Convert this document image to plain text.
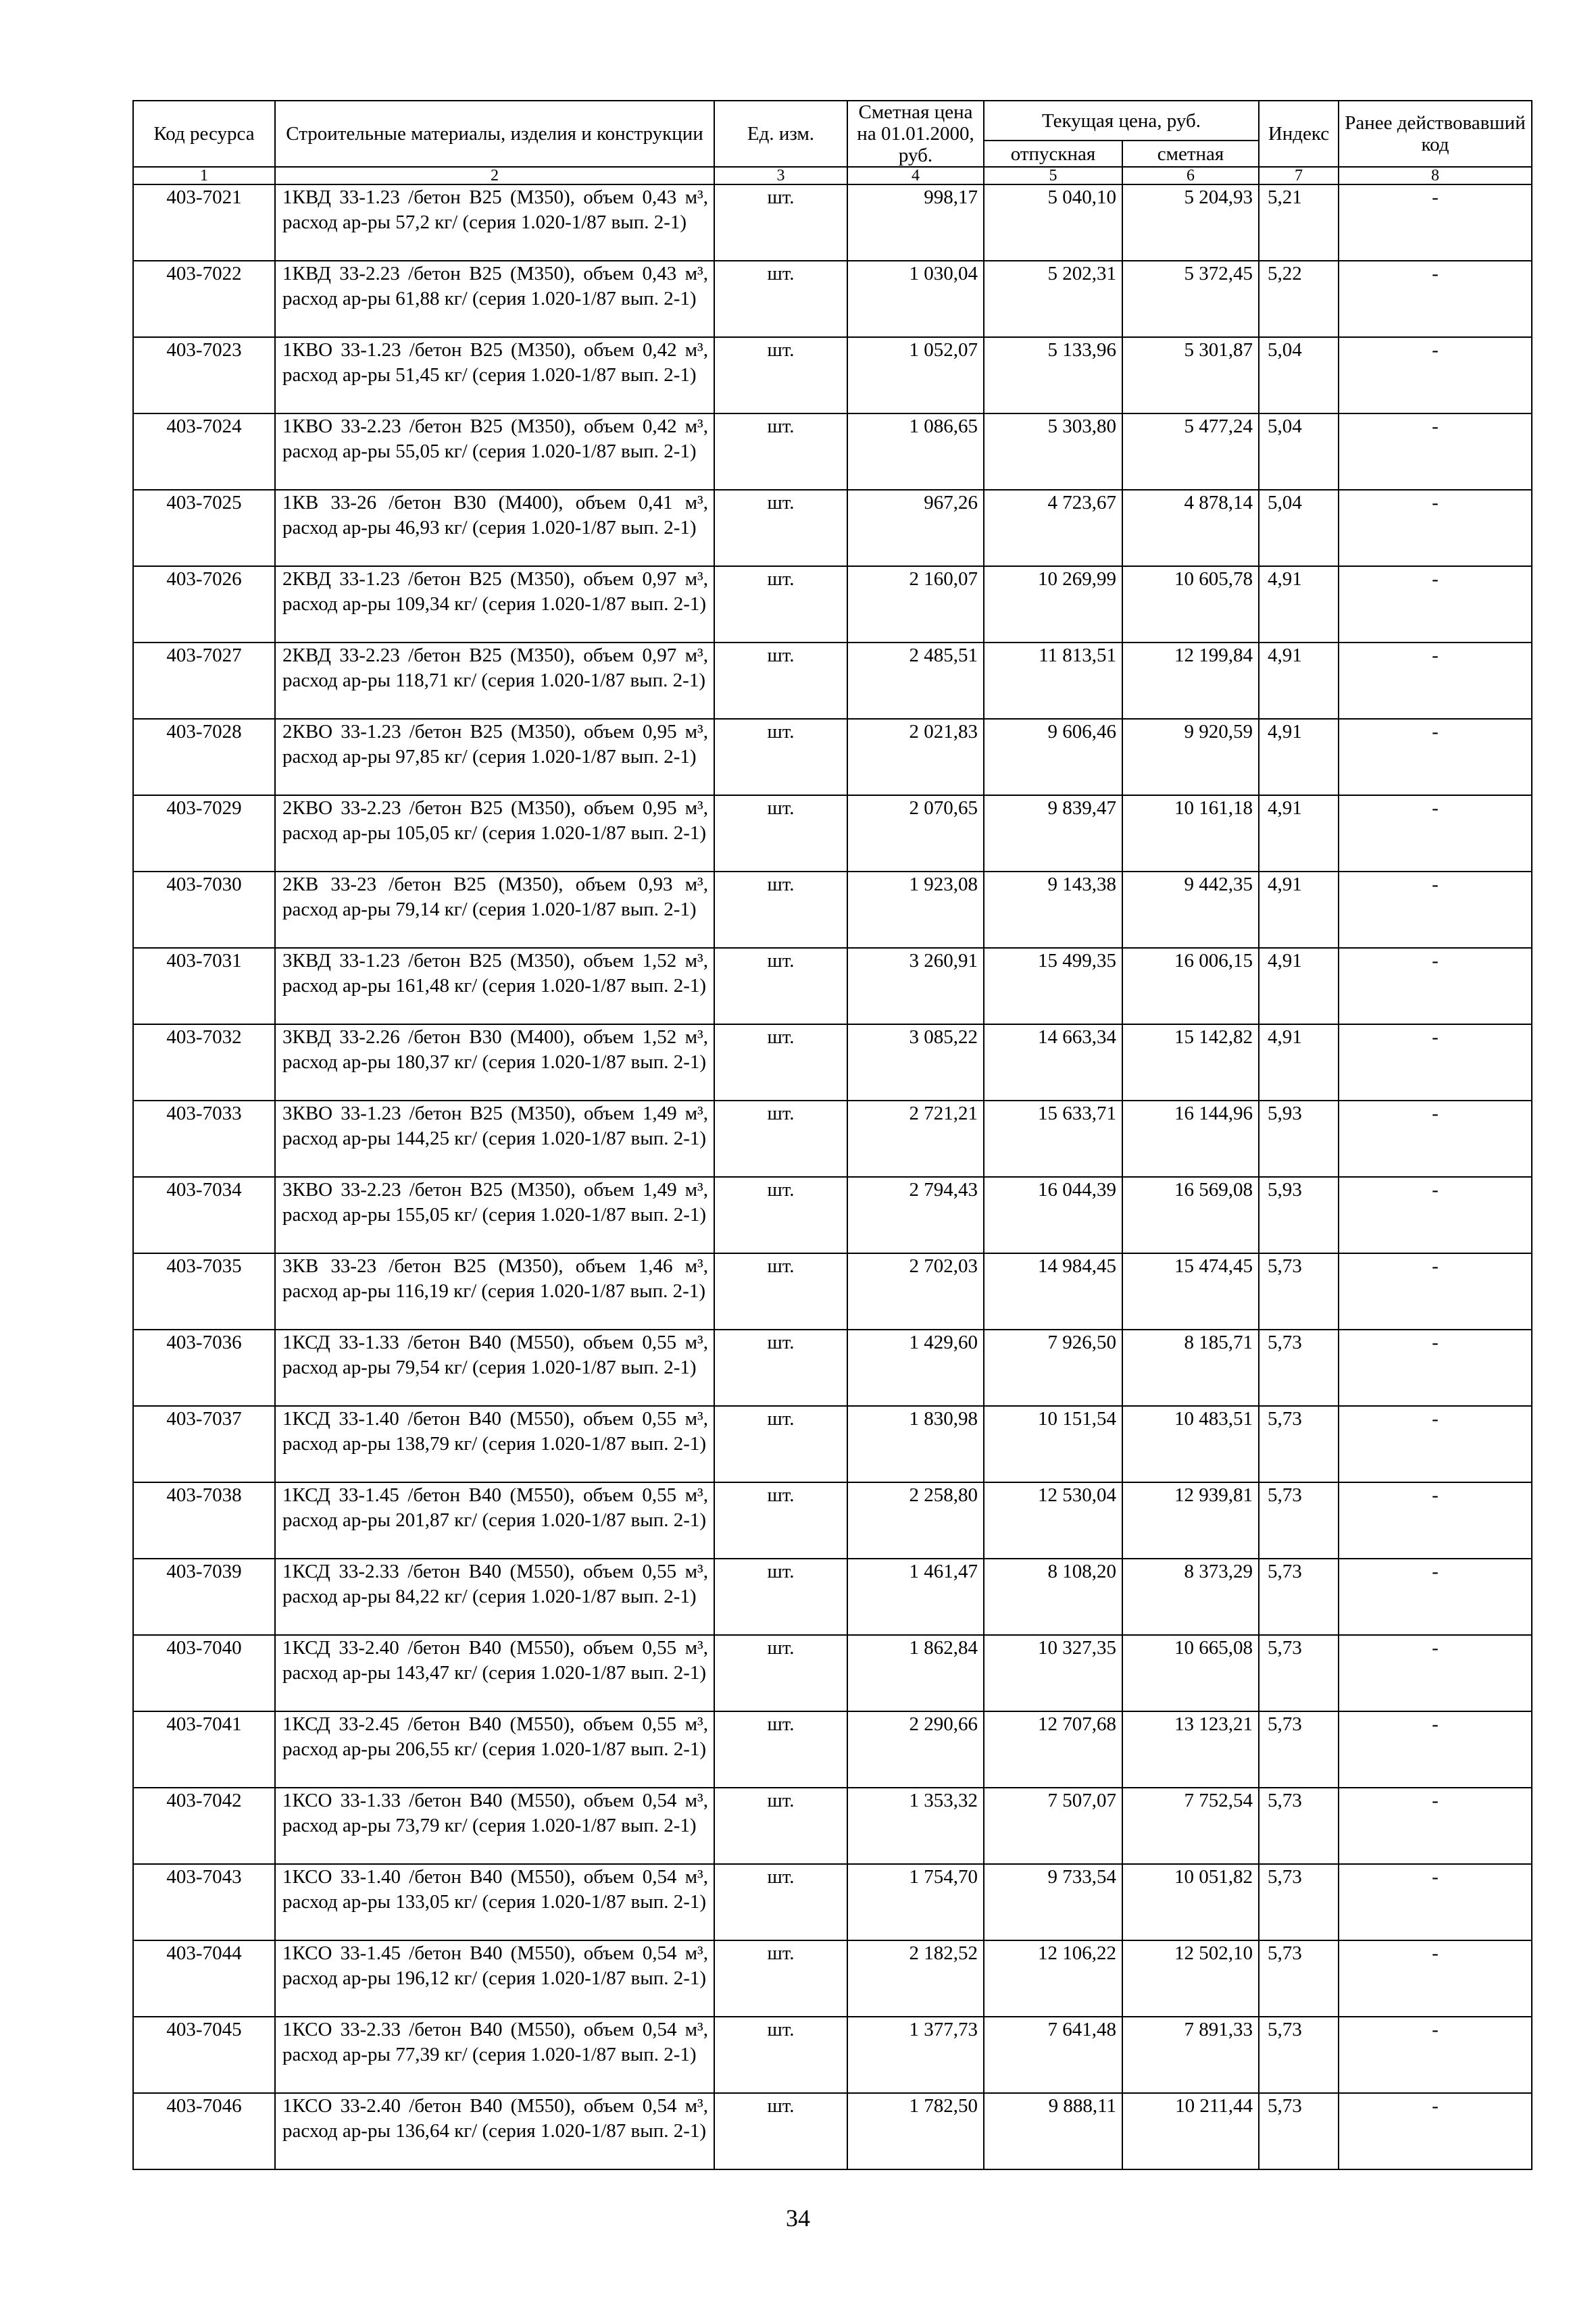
Код ресурса	Строительные материалы, изделия и конструкции	Ед. изм.	Сметная цена на 01.01.2000, руб.	Текущая цена, руб.		Индекс	Ранее действовавший код
				отпускная	сметная		
1	2	3	4	5	6	7	8
403-7021	1КВД 33-1.23 /бетон В25 (М350), объем 0,43 м³, расход ар-ры 57,2 кг/ (серия 1.020-1/87 вып. 2-1)	шт.	998,17	5 040,10	5 204,93	5,21	-
403-7022	1КВД 33-2.23 /бетон В25 (М350), объем 0,43 м³, расход ар-ры 61,88 кг/ (серия 1.020-1/87 вып. 2-1)	шт.	1 030,04	5 202,31	5 372,45	5,22	-
403-7023	1КВО 33-1.23 /бетон В25 (М350), объем 0,42 м³, расход ар-ры 51,45 кг/ (серия 1.020-1/87 вып. 2-1)	шт.	1 052,07	5 133,96	5 301,87	5,04	-
403-7024	1КВО 33-2.23 /бетон В25 (М350), объем 0,42 м³, расход ар-ры 55,05 кг/ (серия 1.020-1/87 вып. 2-1)	шт.	1 086,65	5 303,80	5 477,24	5,04	-
403-7025	1КВ 33-26 /бетон В30 (М400), объем 0,41 м³, расход ар-ры 46,93 кг/ (серия 1.020-1/87 вып. 2-1)	шт.	967,26	4 723,67	4 878,14	5,04	-
403-7026	2КВД 33-1.23 /бетон В25 (М350), объем 0,97 м³, расход ар-ры 109,34 кг/ (серия 1.020-1/87 вып. 2-1)	шт.	2 160,07	10 269,99	10 605,78	4,91	-
403-7027	2КВД 33-2.23 /бетон В25 (М350), объем 0,97 м³, расход ар-ры 118,71 кг/ (серия 1.020-1/87 вып. 2-1)	шт.	2 485,51	11 813,51	12 199,84	4,91	-
403-7028	2КВО 33-1.23 /бетон В25 (М350), объем 0,95 м³, расход ар-ры 97,85 кг/ (серия 1.020-1/87 вып. 2-1)	шт.	2 021,83	9 606,46	9 920,59	4,91	-
403-7029	2КВО 33-2.23 /бетон В25 (М350), объем 0,95 м³, расход ар-ры 105,05 кг/ (серия 1.020-1/87 вып. 2-1)	шт.	2 070,65	9 839,47	10 161,18	4,91	-
403-7030	2КВ 33-23 /бетон В25 (М350), объем 0,93 м³, расход ар-ры 79,14 кг/ (серия 1.020-1/87 вып. 2-1)	шт.	1 923,08	9 143,38	9 442,35	4,91	-
403-7031	3КВД 33-1.23 /бетон В25 (М350), объем 1,52 м³, расход ар-ры 161,48 кг/ (серия 1.020-1/87 вып. 2-1)	шт.	3 260,91	15 499,35	16 006,15	4,91	-
403-7032	3КВД 33-2.26 /бетон В30 (М400), объем 1,52 м³, расход ар-ры 180,37 кг/ (серия 1.020-1/87 вып. 2-1)	шт.	3 085,22	14 663,34	15 142,82	4,91	-
403-7033	3КВО 33-1.23 /бетон В25 (М350), объем 1,49 м³, расход ар-ры 144,25 кг/ (серия 1.020-1/87 вып. 2-1)	шт.	2 721,21	15 633,71	16 144,96	5,93	-
403-7034	3КВО 33-2.23 /бетон В25 (М350), объем 1,49 м³, расход ар-ры 155,05 кг/ (серия 1.020-1/87 вып. 2-1)	шт.	2 794,43	16 044,39	16 569,08	5,93	-
403-7035	3КВ 33-23 /бетон В25 (М350), объем 1,46 м³, расход ар-ры 116,19 кг/ (серия 1.020-1/87 вып. 2-1)	шт.	2 702,03	14 984,45	15 474,45	5,73	-
403-7036	1КСД 33-1.33 /бетон В40 (М550), объем 0,55 м³, расход ар-ры 79,54 кг/ (серия 1.020-1/87 вып. 2-1)	шт.	1 429,60	7 926,50	8 185,71	5,73	-
403-7037	1КСД 33-1.40 /бетон В40 (М550), объем 0,55 м³, расход ар-ры 138,79 кг/ (серия 1.020-1/87 вып. 2-1)	шт.	1 830,98	10 151,54	10 483,51	5,73	-
403-7038	1КСД 33-1.45 /бетон В40 (М550), объем 0,55 м³, расход ар-ры 201,87 кг/ (серия 1.020-1/87 вып. 2-1)	шт.	2 258,80	12 530,04	12 939,81	5,73	-
403-7039	1КСД 33-2.33 /бетон В40 (М550), объем 0,55 м³, расход ар-ры 84,22 кг/ (серия 1.020-1/87 вып. 2-1)	шт.	1 461,47	8 108,20	8 373,29	5,73	-
403-7040	1КСД 33-2.40 /бетон В40 (М550), объем 0,55 м³, расход ар-ры 143,47 кг/ (серия 1.020-1/87 вып. 2-1)	шт.	1 862,84	10 327,35	10 665,08	5,73	-
403-7041	1КСД 33-2.45 /бетон В40 (М550), объем 0,55 м³, расход ар-ры 206,55 кг/ (серия 1.020-1/87 вып. 2-1)	шт.	2 290,66	12 707,68	13 123,21	5,73	-
403-7042	1КСО 33-1.33 /бетон В40 (М550), объем 0,54 м³, расход ар-ры 73,79 кг/ (серия 1.020-1/87 вып. 2-1)	шт.	1 353,32	7 507,07	7 752,54	5,73	-
403-7043	1КСО 33-1.40 /бетон В40 (М550), объем 0,54 м³, расход ар-ры 133,05 кг/ (серия 1.020-1/87 вып. 2-1)	шт.	1 754,70	9 733,54	10 051,82	5,73	-
403-7044	1КСО 33-1.45 /бетон В40 (М550), объем 0,54 м³, расход ар-ры 196,12 кг/ (серия 1.020-1/87 вып. 2-1)	шт.	2 182,52	12 106,22	12 502,10	5,73	-
403-7045	1КСО 33-2.33 /бетон В40 (М550), объем 0,54 м³, расход ар-ры 77,39 кг/ (серия 1.020-1/87 вып. 2-1)	шт.	1 377,73	7 641,48	7 891,33	5,73	-
403-7046	1КСО 33-2.40 /бетон В40 (М550), объем 0,54 м³, расход ар-ры 136,64 кг/ (серия 1.020-1/87 вып. 2-1)	шт.	1 782,50	9 888,11	10 211,44	5,73	-
34
